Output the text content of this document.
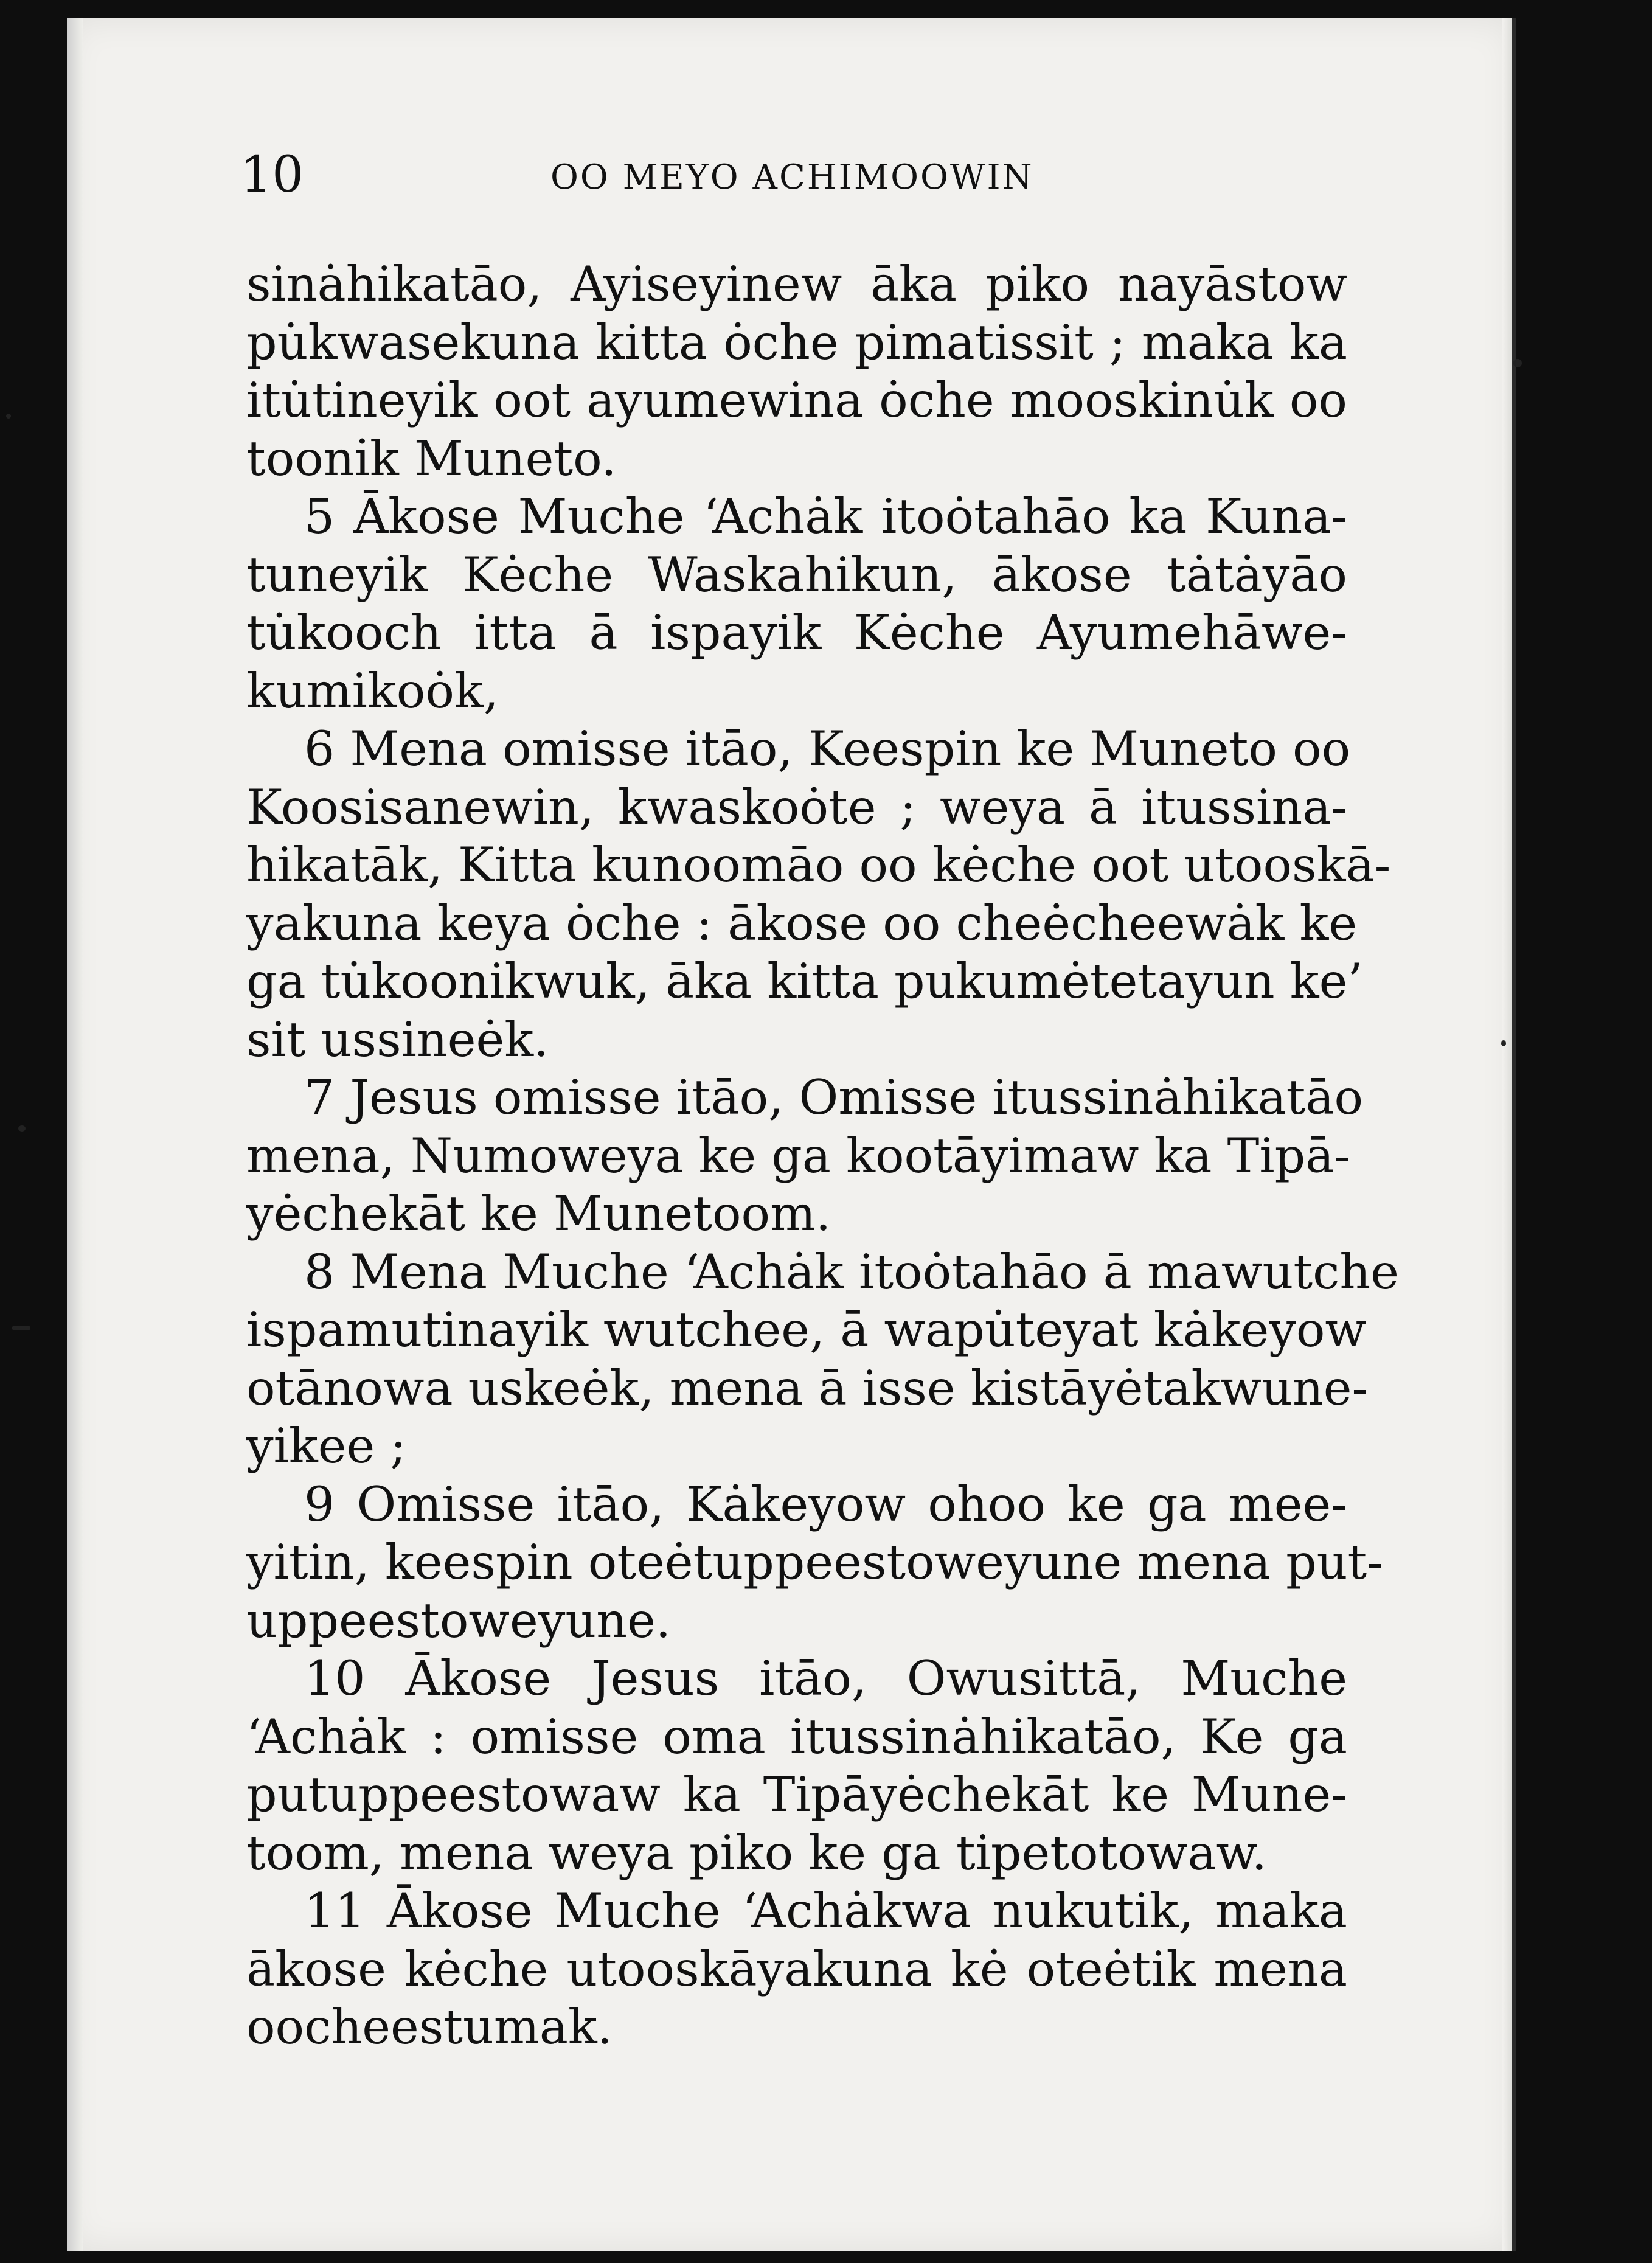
10	OO MEYO ACHIMOOWIN
sinȧhikatāo, Ayiseyinew āka piko nayāstow
pu̇kwasekuna kitta ȯche pimatissit ; maka ka
itu̇tineyik oot ayumewina ȯche mooskinu̇k oo
tooni̇k Muneto.
5 Ākose Muche ‘Achȧk itoȯtahāo ka Kuna-
tuneyik Kėche Waskahikun, ākose tȧtȧyāo
tu̇kooch itta ā ispayik Kėche Ayumehāwe-
kumikoȯk,
6 Mena omisse itāo, Keespin ke Muneto oo
Koosisanewin, kwaskoȯte ; weya ā itussina-
hikatāk, Kitta kunoomāo oo kėche oot utooskā-
yakuna keya ȯche : ākose oo cheėcheewȧk ke
ga tu̇koonikwuk, āka kitta pukumėtetayun ke’
sit ussineėk.
7 Jesus omisse itāo, Omisse itussinȧhikatāo
mena, Numoweya ke ga kootāyimaw ka Tipā-
yėchekāt ke Munetoom.
8 Mena Muche ‘Achȧk itoȯtahāo ā mawutche
ispamutinayik wutchee, ā wapu̇teyat kȧkeyow
otānowa uskeėk, mena ā isse kistāyėtakwune-
yikee ;
9 Omisse itāo, Kȧkeyow ohoo ke ga mee-
yitin, keespin oteėtuppeestoweyune mena put-
uppeestoweyune.
10 Ākose Jesus itāo, Owusittā, Muche
‘Achȧk : omisse oma itussinȧhikatāo, Ke ga
putuppeestowaw ka Tipāyėchekāt ke Mune-
toom, mena weya piko ke ga tipetotowaw.
11 Ākose Muche ‘Achȧkwa nukutik, maka
ākose kėche utooskāyakuna kė oteėtik mena
oocheestumak.
